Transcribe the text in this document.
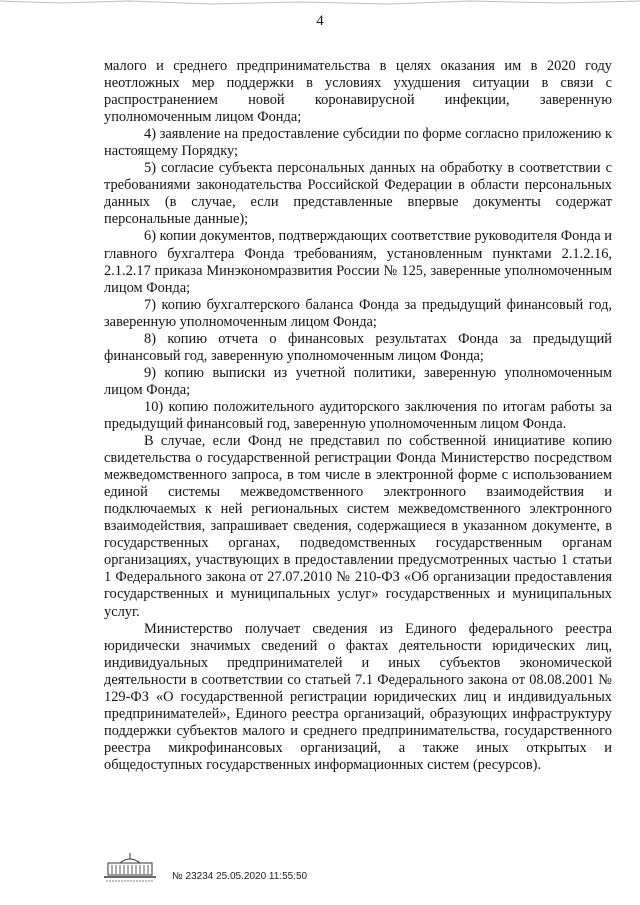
4

малого и среднего предпринимательства в целях оказания им в 2020 году неотложных мер поддержки в условиях ухудшения ситуации в связи с распространением новой коронавирусной инфекции, заверенную уполномоченным лицом Фонда;

4) заявление на предоставление субсидии по форме согласно приложению к настоящему Порядку;

5) согласие субъекта персональных данных на обработку в соответствии с требованиями законодательства Российской Федерации в области персональных данных (в случае, если представленные впервые документы содержат персональные данные);

6) копии документов, подтверждающих соответствие руководителя Фонда и главного бухгалтера Фонда требованиям, установленным пунктами 2.1.2.16, 2.1.2.17 приказа Минэкономразвития России № 125, заверенные уполномоченным лицом Фонда;

7) копию бухгалтерского баланса Фонда за предыдущий финансовый год, заверенную уполномоченным лицом Фонда;

8) копию отчета о финансовых результатах Фонда за предыдущий финансовый год, заверенную уполномоченным лицом Фонда;

9) копию выписки из учетной политики, заверенную уполномоченным лицом Фонда;

10) копию положительного аудиторского заключения по итогам работы за предыдущий финансовый год, заверенную уполномоченным лицом Фонда.

В случае, если Фонд не представил по собственной инициативе копию свидетельства о государственной регистрации Фонда Министерство посредством межведомственного запроса, в том числе в электронной форме с использованием единой системы межведомственного электронного взаимодействия и подключаемых к ней региональных систем межведомственного электронного взаимодействия, запрашивает сведения, содержащиеся в указанном документе, в государственных органах, подведомственных государственным органам организациях, участвующих в предоставлении предусмотренных частью 1 статьи 1 Федерального закона от 27.07.2010 № 210-ФЗ «Об организации предоставления государственных и муниципальных услуг» государственных и муниципальных услуг.

Министерство получает сведения из Единого федерального реестра юридически значимых сведений о фактах деятельности юридических лиц, индивидуальных предпринимателей и иных субъектов экономической деятельности в соответствии со статьей 7.1 Федерального закона от 08.08.2001 № 129-ФЗ «О государственной регистрации юридических лиц и индивидуальных предпринимателей», Единого реестра организаций, образующих инфраструктуру поддержки субъектов малого и среднего предпринимательства, государственного реестра микрофинансовых организаций, а также иных открытых и общедоступных государственных информационных систем (ресурсов).

№ 23234 25.05.2020 11:55:50
